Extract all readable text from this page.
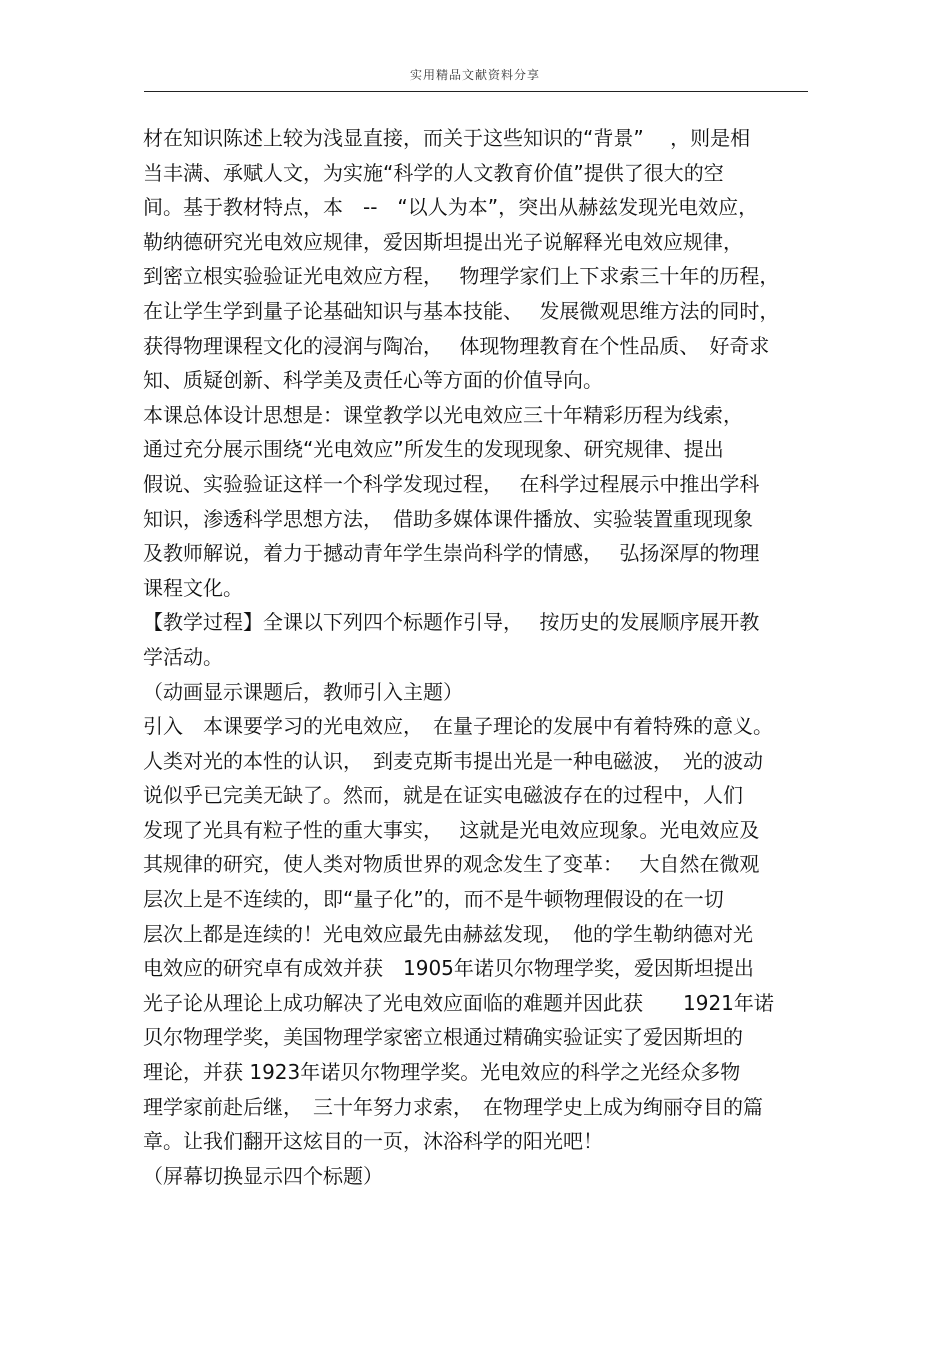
实用精品文献资料分享
材在知识陈述上较为浅显直接，而关于这些知识的“背景”　 ，则是相
当丰满、承赋人文，为实施“科学的人文教育价值”提供了很大的空
间。基于教材特点，本　--　“以人为本”，突出从赫兹发现光电效应，
勒纳德研究光电效应规律，爱因斯坦提出光子说解释光电效应规律，
到密立根实验验证光电效应方程，　 物理学家们上下求索三十年的历程，
在让学生学到量子论基础知识与基本技能、　 发展微观思维方法的同时，
获得物理课程文化的浸润与陶冶，　 体现物理教育在个性品质、　好奇求
知、质疑创新、科学美及责任心等方面的价值导向。
本课总体设计思想是：课堂教学以光电效应三十年精彩历程为线索，
通过充分展示围绕“光电效应”所发生的发现现象、研究规律、提出
假说、实验验证这样一个科学发现过程，　 在科学过程展示中推出学科
知识，渗透科学思想方法，　借助多媒体课件播放、实验装置重现现象
及教师解说，着力于撼动青年学生崇尚科学的情感，　 弘扬深厚的物理
课程文化。
【教学过程】全课以下列四个标题作引导，　 按历史的发展顺序展开教
学活动。
（动画显示课题后，教师引入主题）
引入　本课要学习的光电效应，　在量子理论的发展中有着特殊的意义。
人类对光的本性的认识，　到麦克斯韦提出光是一种电磁波，　光的波动
说似乎已完美无缺了。然而，就是在证实电磁波存在的过程中，人们
发现了光具有粒子性的重大事实，　 这就是光电效应现象。光电效应及
其规律的研究，使人类对物质世界的观念发生了变革：　 大自然在微观
层次上是不连续的，即“量子化”的，而不是牛顿物理假设的在一切
层次上都是连续的！光电效应最先由赫兹发现，　他的学生勒纳德对光
电效应的研究卓有成效并获　1905年诺贝尔物理学奖，爱因斯坦提出
光子论从理论上成功解决了光电效应面临的难题并因此获　　1921年诺
贝尔物理学奖，美国物理学家密立根通过精确实验证实了爱因斯坦的
理论，并获 1923年诺贝尔物理学奖。光电效应的科学之光经众多物
理学家前赴后继，　三十年努力求索，　在物理学史上成为绚丽夺目的篇
章。让我们翻开这炫目的一页，沐浴科学的阳光吧！
（屏幕切换显示四个标题）
